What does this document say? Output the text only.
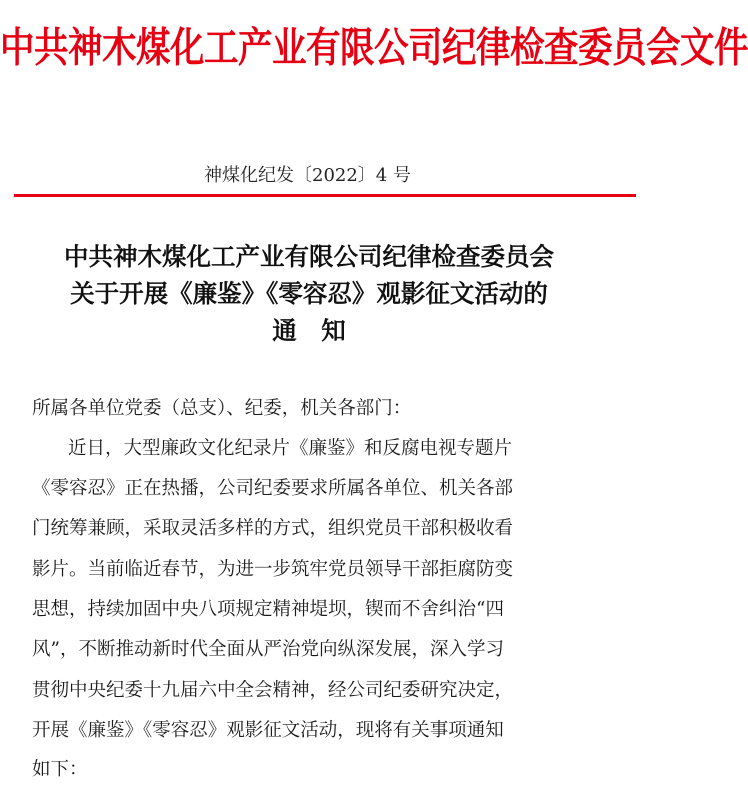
中共神木煤化工产业有限公司纪律检查委员会文件
神煤化纪发〔2022〕4 号
中共神木煤化工产业有限公司纪律检查委员会
关于开展《廉鉴》《零容忍》观影征文活动的
通　知
所属各单位党委（总支）、纪委，机关各部门：
近日，大型廉政文化纪录片《廉鉴》和反腐电视专题片
《零容忍》正在热播，公司纪委要求所属各单位、机关各部
门统筹兼顾，采取灵活多样的方式，组织党员干部积极收看
影片。当前临近春节，为进一步筑牢党员领导干部拒腐防变
思想，持续加固中央八项规定精神堤坝，锲而不舍纠治“四
风”，不断推动新时代全面从严治党向纵深发展，深入学习
贯彻中央纪委十九届六中全会精神，经公司纪委研究决定，
开展《廉鉴》《零容忍》观影征文活动，现将有关事项通知
如下：
